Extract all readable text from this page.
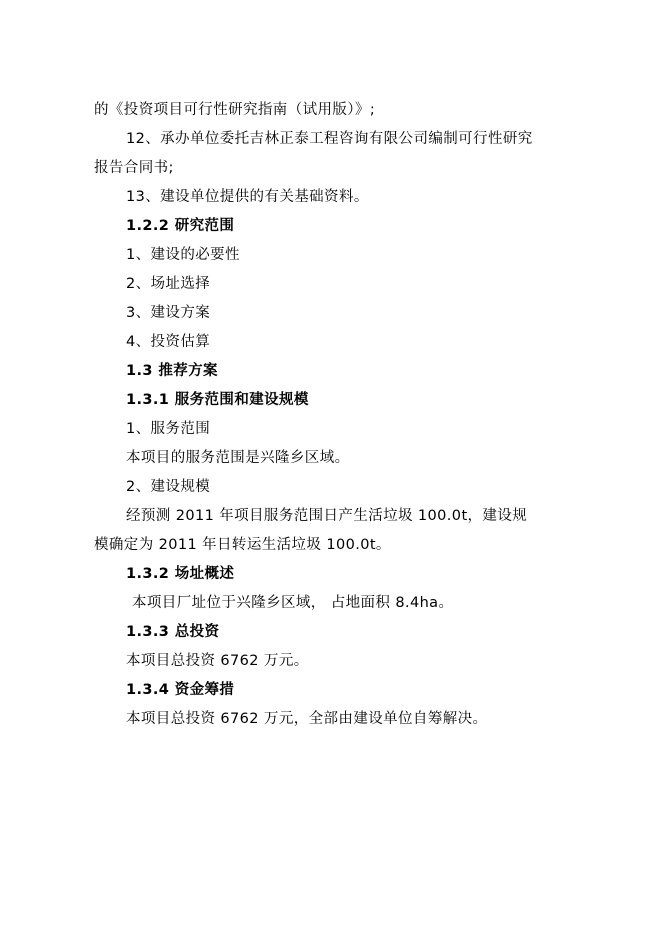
的《投资项目可行性研究指南（试用版）》;
12、承办单位委托吉林正泰工程咨询有限公司编制可行性研究
报告合同书;
13、建设单位提供的有关基础资料。
1.2.2 研究范围
1、建设的必要性
2、场址选择
3、建设方案
4、投资估算
1.3 推荐方案
1.3.1 服务范围和建设规模
1、服务范围
本项目的服务范围是兴隆乡区域。
2、建设规模
经预测 2011 年项目服务范围日产生活垃圾 100.0t，建设规
模确定为 2011 年日转运生活垃圾 100.0t。
1.3.2 场址概述
本项目厂址位于兴隆乡区域， 占地面积 8.4ha。
1.3.3 总投资
本项目总投资 6762 万元。
1.3.4 资金筹措
本项目总投资 6762 万元，全部由建设单位自筹解决。
